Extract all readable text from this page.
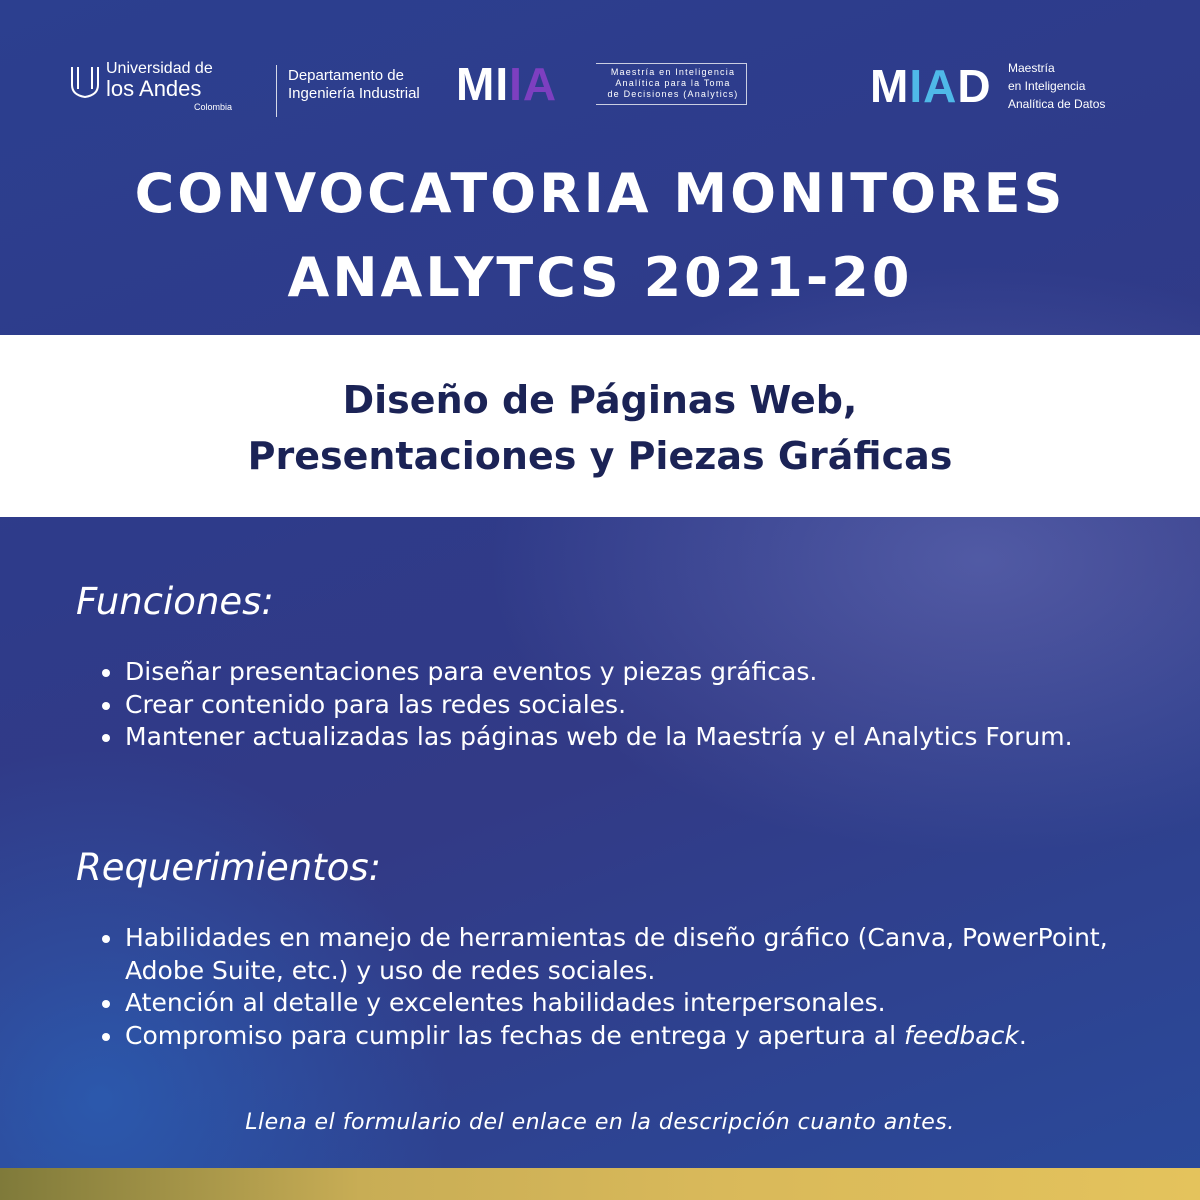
Universidad de
los Andes
Colombia
Departamento de
Ingeniería Industrial MIIA	Maestría en Inteligencia
Analítica para la Toma
de Decisiones (Analytics)	MIAD Maestría
en Inteligencia
Analítica de Datos
CONVOCATORIA MONITORES
ANALYTCS 2021-20
Diseño de Páginas Web,
Presentaciones y Piezas Gráficas
Funciones:
Diseñar presentaciones para eventos y piezas gráficas.
Crear contenido para las redes sociales.
Mantener actualizadas las páginas web de la Maestría y el Analytics Forum.
Requerimientos:
Habilidades en manejo de herramientas de diseño gráfico (Canva, PowerPoint, Adobe Suite, etc.) y uso de redes sociales.
Atención al detalle y excelentes habilidades interpersonales.
Compromiso para cumplir las fechas de entrega y apertura al feedback.
Llena el formulario del enlace en la descripción cuanto antes.
